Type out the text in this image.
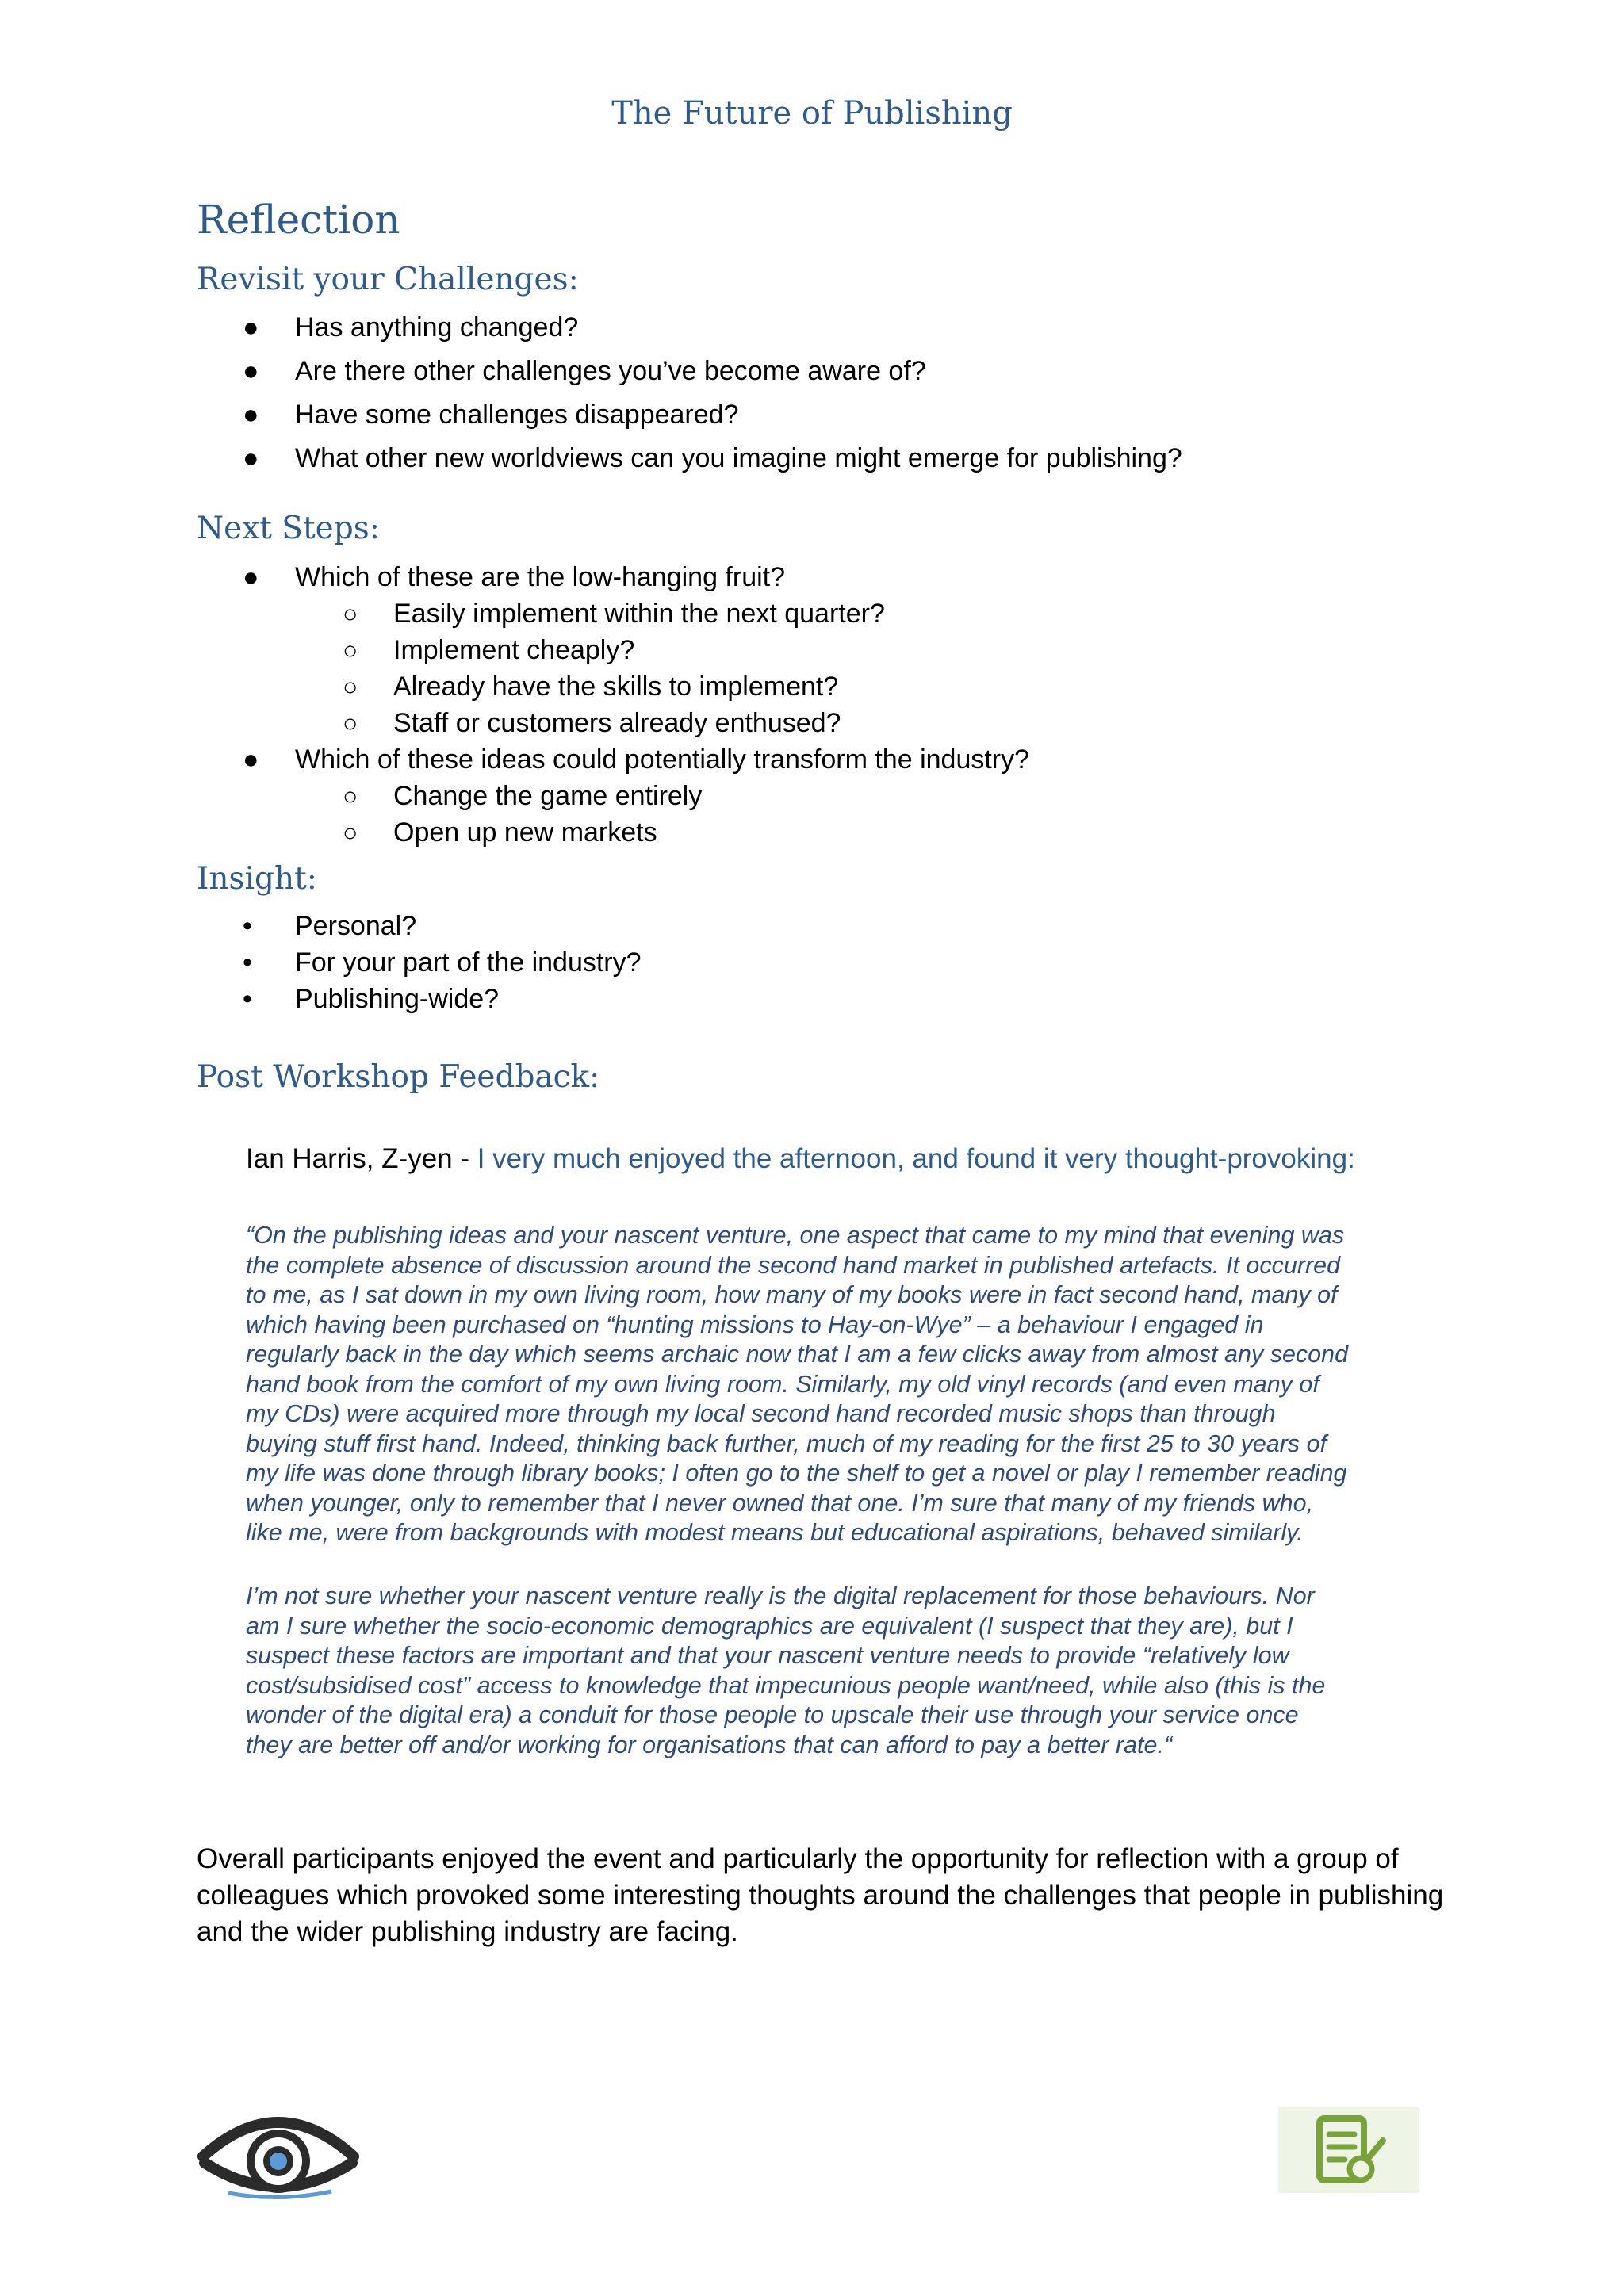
The Future of Publishing
Reflection
Revisit your Challenges:
● Has anything changed?
● Are there other challenges you’ve become aware of?
● Have some challenges disappeared?
● What other new worldviews can you imagine might emerge for publishing?
Next Steps:
● Which of these are the low-hanging fruit?
○ Easily implement within the next quarter?
○ Implement cheaply?
○ Already have the skills to implement?
○ Staff or customers already enthused?
● Which of these ideas could potentially transform the industry?
○ Change the game entirely
○ Open up new markets
Insight:
• Personal?
• For your part of the industry?
• Publishing-wide?
Post Workshop Feedback:
Ian Harris, Z-yen - I very much enjoyed the afternoon, and found it very thought-provoking:
“On the publishing ideas and your nascent venture, one aspect that came to my mind that evening was
the complete absence of discussion around the second hand market in published artefacts. It occurred
to me, as I sat down in my own living room, how many of my books were in fact second hand, many of
which having been purchased on “hunting missions to Hay-on-Wye” – a behaviour I engaged in
regularly back in the day which seems archaic now that I am a few clicks away from almost any second
hand book from the comfort of my own living room. Similarly, my old vinyl records (and even many of
my CDs) were acquired more through my local second hand recorded music shops than through
buying stuff first hand. Indeed, thinking back further, much of my reading for the first 25 to 30 years of
my life was done through library books; I often go to the shelf to get a novel or play I remember reading
when younger, only to remember that I never owned that one. I’m sure that many of my friends who,
like me, were from backgrounds with modest means but educational aspirations, behaved similarly.
I’m not sure whether your nascent venture really is the digital replacement for those behaviours. Nor
am I sure whether the socio-economic demographics are equivalent (I suspect that they are), but I
suspect these factors are important and that your nascent venture needs to provide “relatively low
cost/subsidised cost” access to knowledge that impecunious people want/need, while also (this is the
wonder of the digital era) a conduit for those people to upscale their use through your service once
they are better off and/or working for organisations that can afford to pay a better rate.“
Overall participants enjoyed the event and particularly the opportunity for reflection with a group of colleagues which provoked some interesting thoughts around the challenges that people in publishing and the wider publishing industry are facing.
